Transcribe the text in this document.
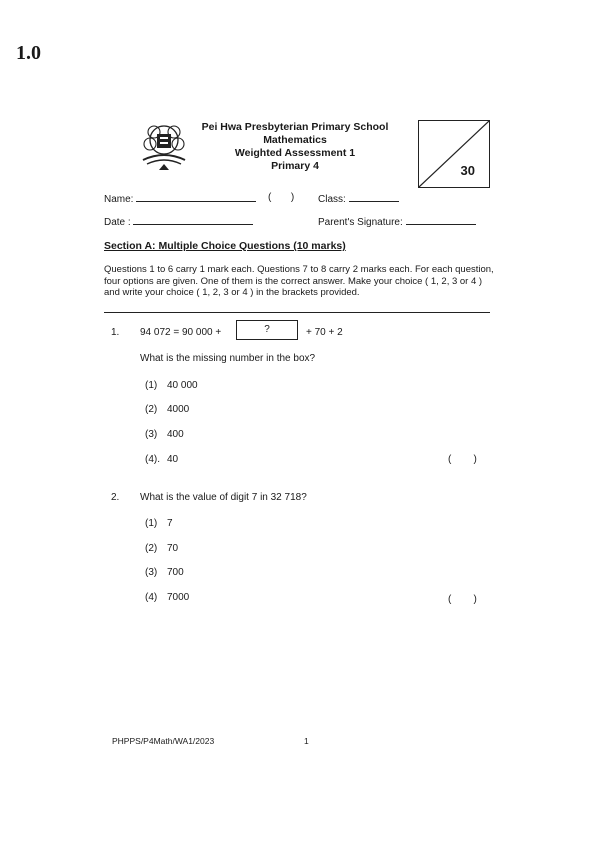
1.0
Pei Hwa Presbyterian Primary School
Mathematics
Weighted Assessment 1
Primary 4	30
Name:	( ) Class:
Date :	Parent's Signature:
Section A: Multiple Choice Questions (10 marks)
Questions 1 to 6 carry 1 mark each. Questions 7 to 8 carry 2 marks each. For each question, four options are given. One of them is the correct answer. Make your choice ( 1, 2, 3 or 4 ) and write your choice ( 1, 2, 3 or 4 ) in the brackets provided.
1. 94 072 = 90 000 +	?	+ 70 + 2
What is the missing number in the box?
(1) 40 000
(2) 4000
(3) 400
(4). 40	(        )
2. What is the value of digit 7 in 32 718?
(1) 7
(2) 70
(3) 700
(4) 7000	(        )
PHPPS/P4Math/WA1/2023	1
